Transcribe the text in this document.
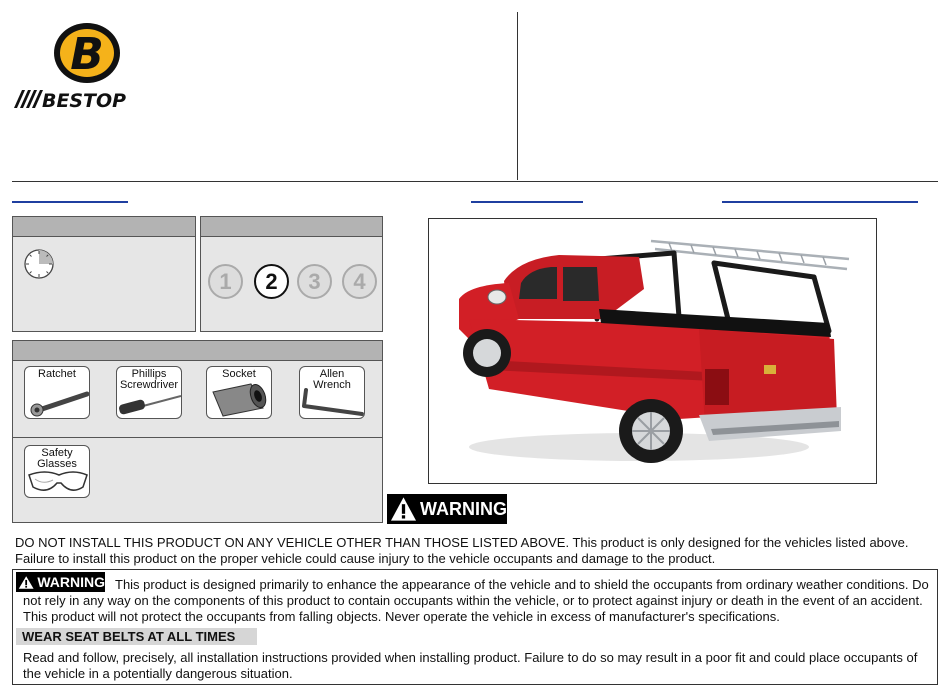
B
BESTOP
1	2	3	4
Ratchet	Phillips Screwdriver
Socket	Allen Wrench
Safety Glasses
WARNING
DO NOT INSTALL THIS PRODUCT ON ANY VEHICLE OTHER THAN THOSE LISTED ABOVE. This product is only designed for the vehicles listed above. Failure to install this product on the proper vehicle could cause injury to the vehicle occupants and damage to the product.
WARNING This product is designed primarily to enhance the appearance of the vehicle and to shield the occupants from ordinary weather conditions. Do not rely in any way on the components of this product to contain occupants within the vehicle, or to protect against injury or death in the event of an accident. This product will not protect the occupants from falling objects. Never operate the vehicle in excess of manufacturer's specifications.
WEAR SEAT BELTS AT ALL TIMES
Read and follow, precisely, all installation instructions provided when installing product. Failure to do so may result in a poor fit and could place occupants of the vehicle in a potentially dangerous situation.
